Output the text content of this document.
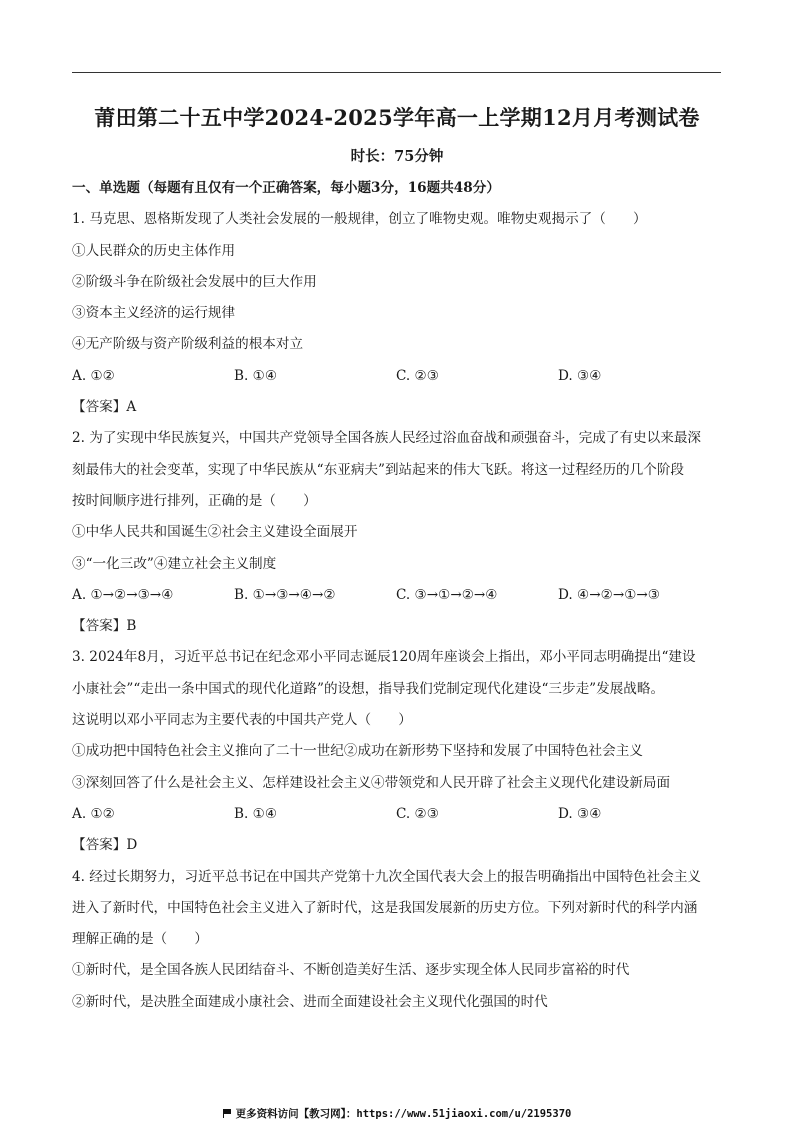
莆田第二十五中学2024-2025学年高一上学期12月月考测试卷
时长：75分钟
一、单选题（每题有且仅有一个正确答案，每小题3分，16题共48分）
1. 马克思、恩格斯发现了人类社会发展的一般规律，创立了唯物史观。唯物史观揭示了（　　）
①人民群众的历史主体作用
②阶级斗争在阶级社会发展中的巨大作用
③资本主义经济的运行规律
④无产阶级与资产阶级利益的根本对立
A. ①②	B. ①④	C. ②③	D. ③④
【答案】A
2. 为了实现中华民族复兴，中国共产党领导全国各族人民经过浴血奋战和顽强奋斗，完成了有史以来最深
刻最伟大的社会变革，实现了中华民族从“东亚病夫”到站起来的伟大飞跃。将这一过程经历的几个阶段
按时间顺序进行排列，正确的是（　　）
①中华人民共和国诞生②社会主义建设全面展开
③“一化三改”④建立社会主义制度
A. ①→②→③→④	B. ①→③→④→②	C. ③→①→②→④	D. ④→②→①→③
【答案】B
3. 2024年8月，习近平总书记在纪念邓小平同志诞辰120周年座谈会上指出，邓小平同志明确提出“建设
小康社会”“走出一条中国式的现代化道路”的设想，指导我们党制定现代化建设“三步走”发展战略。
这说明以邓小平同志为主要代表的中国共产党人（　　）
①成功把中国特色社会主义推向了二十一世纪②成功在新形势下坚持和发展了中国特色社会主义
③深刻回答了什么是社会主义、怎样建设社会主义④带领党和人民开辟了社会主义现代化建设新局面
A. ①②	B. ①④	C. ②③	D. ③④
【答案】D
4. 经过长期努力，习近平总书记在中国共产党第十九次全国代表大会上的报告明确指出中国特色社会主义
进入了新时代，中国特色社会主义进入了新时代，这是我国发展新的历史方位。下列对新时代的科学内涵
理解正确的是（　　）
①新时代，是全国各族人民团结奋斗、不断创造美好生活、逐步实现全体人民同步富裕的时代
②新时代，是决胜全面建成小康社会、进而全面建设社会主义现代化强国的时代
更多资料访问【教习网】：https://www.51jiaoxi.com/u/2195370
